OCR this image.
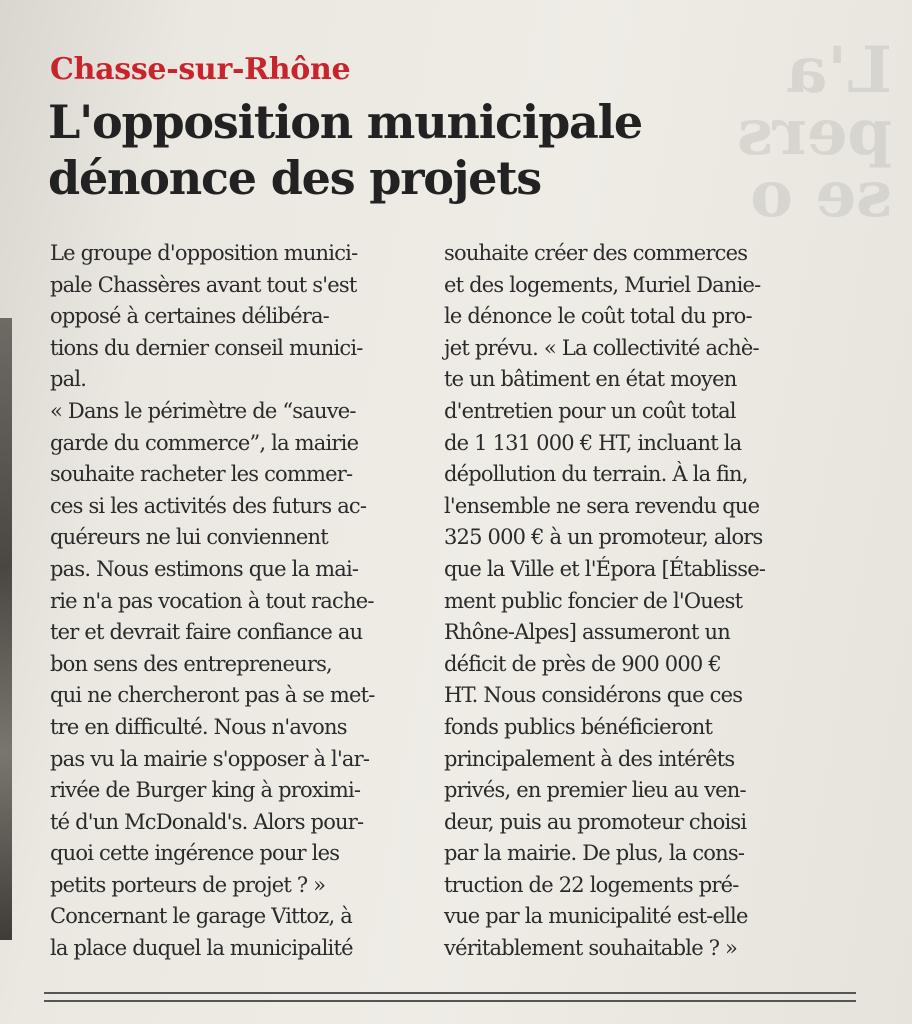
L'a
pers
se o
Chasse-sur-Rhône
L'opposition municipale
dénonce des projets
Le groupe d'opposition munici-
pale Chassères avant tout s'est
opposé à certaines délibéra-
tions du dernier conseil munici-
pal.
« Dans le périmètre de “sauve-
garde du commerce”, la mairie
souhaite racheter les commer-
ces si les activités des futurs ac-
quéreurs ne lui conviennent
pas. Nous estimons que la mai-
rie n'a pas vocation à tout rache-
ter et devrait faire confiance au
bon sens des entrepreneurs,
qui ne chercheront pas à se met-
tre en difficulté. Nous n'avons
pas vu la mairie s'opposer à l'ar-
rivée de Burger king à proximi-
té d'un McDonald's. Alors pour-
quoi cette ingérence pour les
petits porteurs de projet ? »
Concernant le garage Vittoz, à
la place duquel la municipalité
souhaite créer des commerces
et des logements, Muriel Danie-
le dénonce le coût total du pro-
jet prévu. « La collectivité achè-
te un bâtiment en état moyen
d'entretien pour un coût total
de 1 131 000 € HT, incluant la
dépollution du terrain. À la fin,
l'ensemble ne sera revendu que
325 000 € à un promoteur, alors
que la Ville et l'Épora [Établisse-
ment public foncier de l'Ouest
Rhône-Alpes] assumeront un
déficit de près de 900 000 €
HT. Nous considérons que ces
fonds publics bénéficieront
principalement à des intérêts
privés, en premier lieu au ven-
deur, puis au promoteur choisi
par la mairie. De plus, la cons-
truction de 22 logements pré-
vue par la municipalité est-elle
véritablement souhaitable ? »
